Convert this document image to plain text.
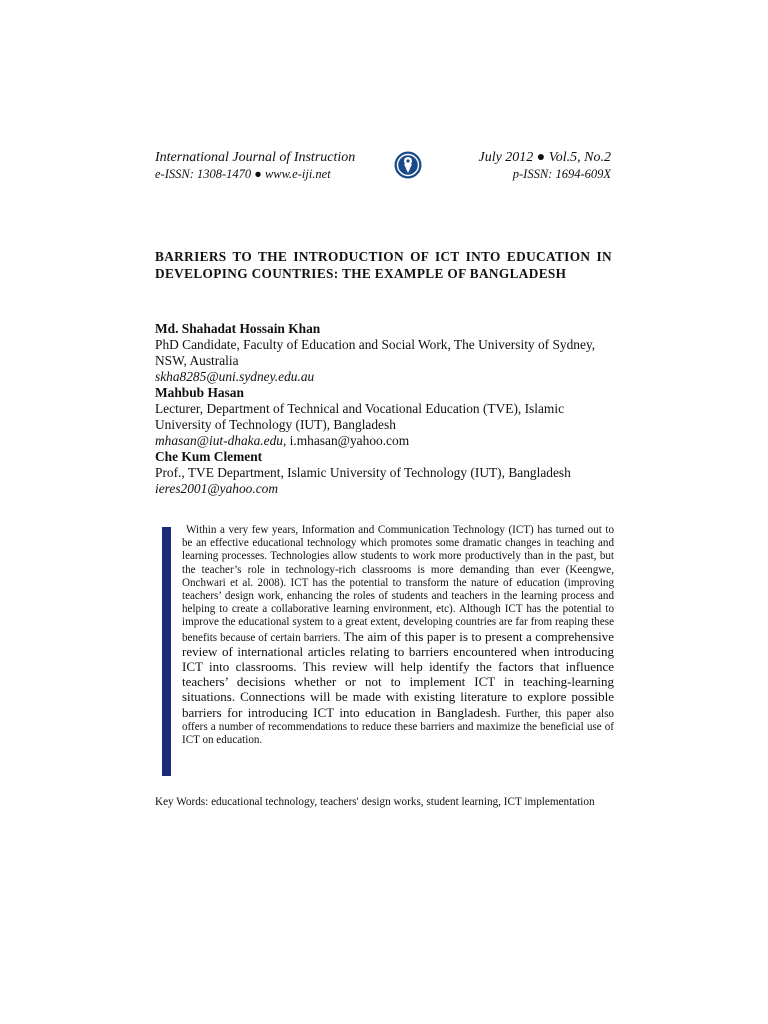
International Journal of Instruction
e-ISSN: 1308-1470 ● www.e-iji.net
July 2012 ● Vol.5, No.2
p-ISSN: 1694-609X
BARRIERS TO THE INTRODUCTION OF ICT INTO EDUCATION IN DEVELOPING COUNTRIES: THE EXAMPLE OF BANGLADESH
Md. Shahadat Hossain Khan
PhD Candidate, Faculty of Education and Social Work, The University of Sydney, NSW, Australia
skha8285@uni.sydney.edu.au
Mahbub Hasan
Lecturer, Department of Technical and Vocational Education (TVE), Islamic University of Technology (IUT), Bangladesh
mhasan@iut-dhaka.edu, i.mhasan@yahoo.com
Che Kum Clement
Prof., TVE Department, Islamic University of Technology (IUT), Bangladesh
ieres2001@yahoo.com

Within a very few years, Information and Communication Technology (ICT) has turned out to be an effective educational technology which promotes some dramatic changes in teaching and learning processes. Technologies allow students to work more productively than in the past, but the teacher’s role in technology-rich classrooms is more demanding than ever (Keengwe, Onchwari et al. 2008). ICT has the potential to transform the nature of education (improving teachers’ design work, enhancing the roles of students and teachers in the learning process and helping to create a collaborative learning environment, etc). Although ICT has the potential to improve the educational system to a great extent, developing countries are far from reaping these benefits because of certain barriers. The aim of this paper is to present a comprehensive review of international articles relating to barriers encountered when introducing ICT into classrooms. This review will help identify the factors that influence teachers’ decisions whether or not to implement ICT in teaching-learning situations. Connections will be made with existing literature to explore possible barriers for introducing ICT into education in Bangladesh. Further, this paper also offers a number of recommendations to reduce these barriers and maximize the beneficial use of ICT on education.

Key Words: educational technology, teachers' design works, student learning, ICT implementation
